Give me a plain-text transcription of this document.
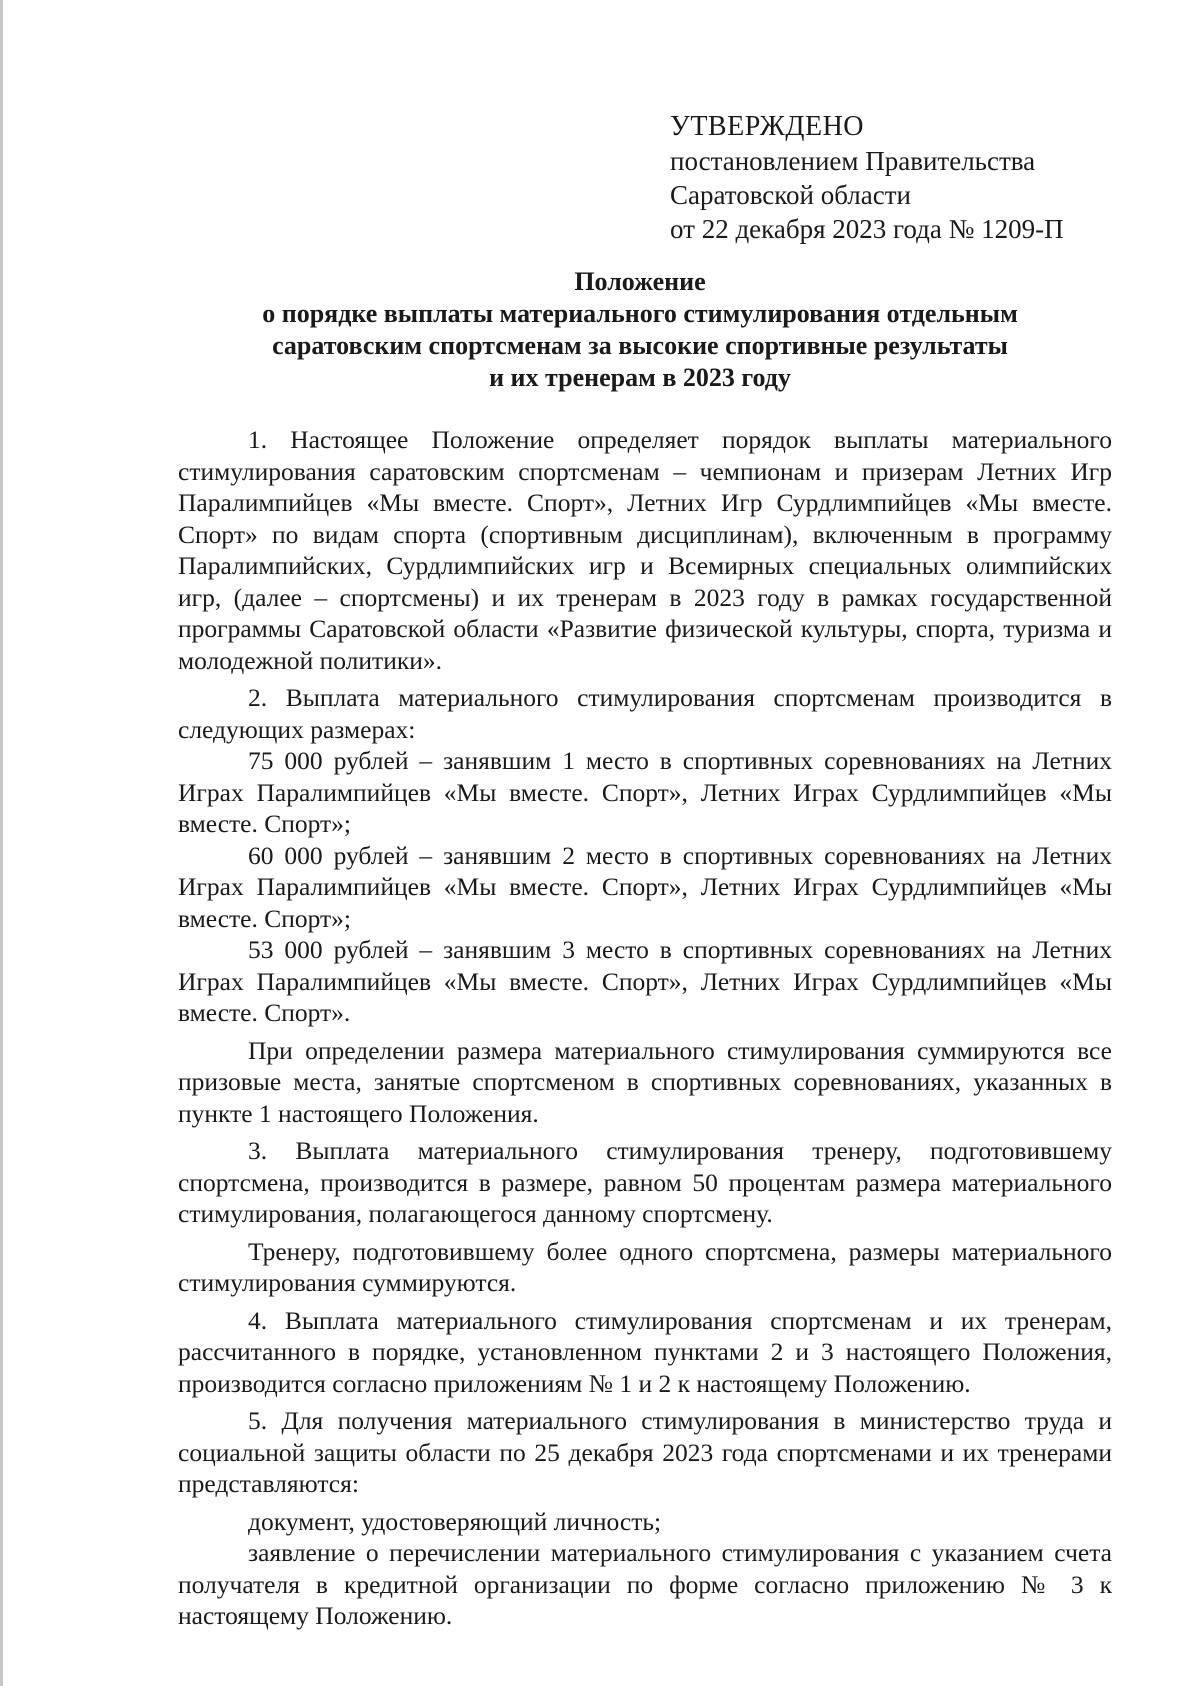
УТВЕРЖДЕНО
постановлением Правительства
Саратовской области
от 22 декабря 2023 года № 1209-П
Положение
о порядке выплаты материального стимулирования отдельным
саратовским спортсменам за высокие спортивные результаты
и их тренерам в 2023 году

1. Настоящее Положение определяет порядок выплаты материального стимулирования саратовским спортсменам – чемпионам и призерам Летних Игр Паралимпийцев «Мы вместе. Спорт», Летних Игр Сурдлимпийцев «Мы вместе. Спорт» по видам спорта (спортивным дисциплинам), включенным в программу Паралимпийских, Сурдлимпийских игр и Всемирных специальных олимпийских игр, (далее – спортсмены) и их тренерам в 2023 году в рамках государственной программы Саратовской области «Развитие физической культуры, спорта, туризма и молодежной политики».

2. Выплата материального стимулирования спортсменам производится в следующих размерах:

75 000 рублей – занявшим 1 место в спортивных соревнованиях на Летних Играх Паралимпийцев «Мы вместе. Спорт», Летних Играх Сурдлимпийцев «Мы вместе. Спорт»;

60 000 рублей – занявшим 2 место в спортивных соревнованиях на Летних Играх Паралимпийцев «Мы вместе. Спорт», Летних Играх Сурдлимпийцев «Мы вместе. Спорт»;

53 000 рублей – занявшим 3 место в спортивных соревнованиях на Летних Играх Паралимпийцев «Мы вместе. Спорт», Летних Играх Сурдлимпийцев «Мы вместе. Спорт».

При определении размера материального стимулирования суммируются все призовые места, занятые спортсменом в спортивных соревнованиях, указанных в пункте 1 настоящего Положения.

3. Выплата материального стимулирования тренеру, подготовившему спортсмена, производится в размере, равном 50 процентам размера материального стимулирования, полагающегося данному спортсмену.

Тренеру, подготовившему более одного спортсмена, размеры материального стимулирования суммируются.

4. Выплата материального стимулирования спортсменам и их тренерам, рассчитанного в порядке, установленном пунктами 2 и 3 настоящего Положения, производится согласно приложениям № 1 и 2 к настоящему Положению.

5. Для получения материального стимулирования в министерство труда и социальной защиты области по 25 декабря 2023 года спортсменами и их тренерами представляются:

документ, удостоверяющий личность;

заявление о перечислении материального стимулирования с указанием счета получателя в кредитной организации по форме согласно приложению № 3 к настоящему Положению.
